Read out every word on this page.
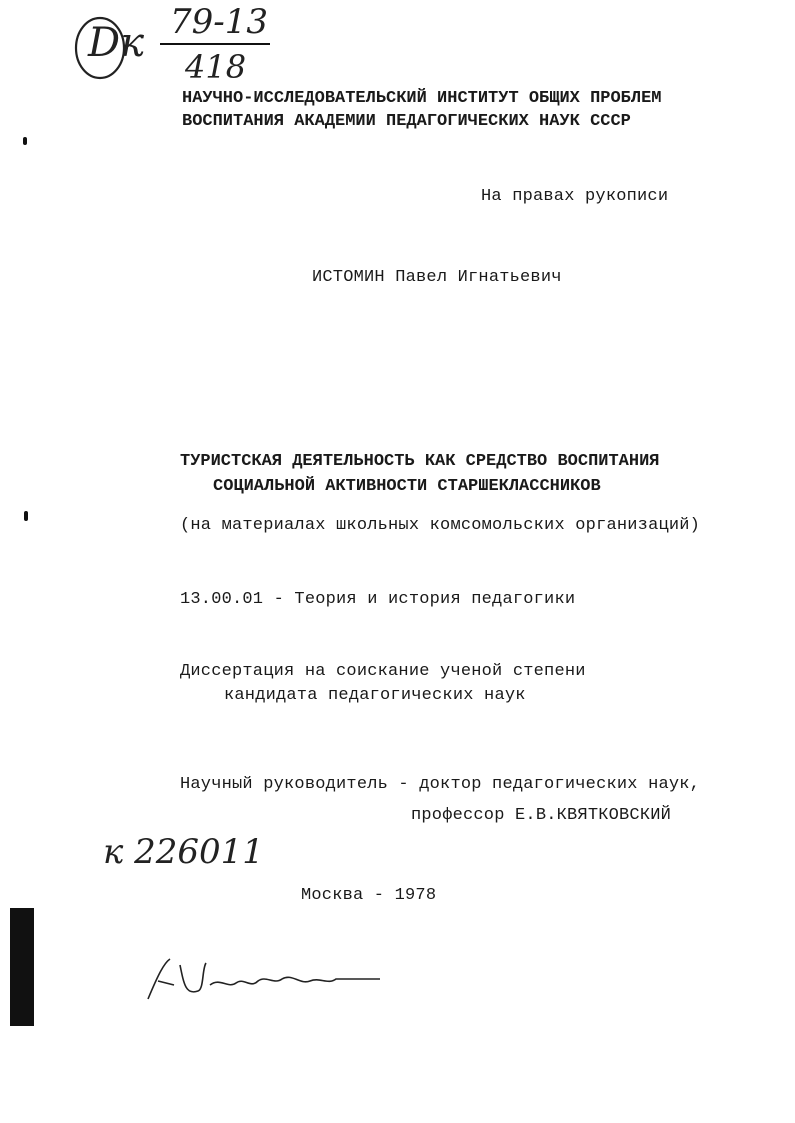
Dк 79-13
418
НАУЧНО-ИССЛЕДОВАТЕЛЬСКИЙ ИНСТИТУТ ОБЩИХ ПРОБЛЕМ
ВОСПИТАНИЯ АКАДЕМИИ ПЕДАГОГИЧЕСКИХ НАУК СССР
На правах рукописи
ИСТОМИН Павел Игнатьевич
ТУРИСТСКАЯ ДЕЯТЕЛЬНОСТЬ КАК СРЕДСТВО ВОСПИТАНИЯ
СОЦИАЛЬНОЙ АКТИВНОСТИ СТАРШЕКЛАССНИКОВ
(на материалах школьных комсомольских организаций)
13.00.01 - Теория и история педагогики
Диссертация на соискание ученой степени
кандидата педагогических наук
Научный руководитель - доктор педагогических наук,
профессор Е.В.КВЯТКОВСКИЙ
к 226011
Москва - 1978
